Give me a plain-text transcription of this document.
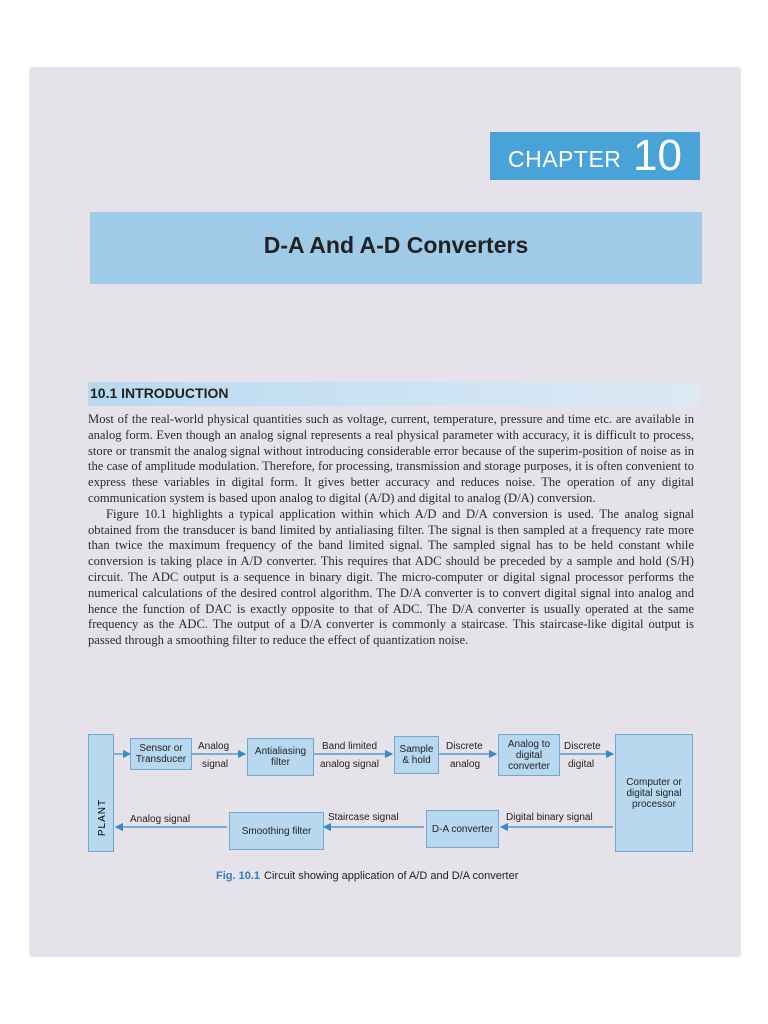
CHAPTER 10
D-A And A-D Converters
10.1 INTRODUCTION

Most of the real-world physical quantities such as voltage, current, temperature, pressure and time etc. are available in analog form. Even though an analog signal represents a real physical parameter with accuracy, it is difficult to process, store or transmit the analog signal without introducing considerable error because of the superim-position of noise as in the case of amplitude modulation. Therefore, for processing, transmission and storage purposes, it is often convenient to express these variables in digital form. It gives better accuracy and reduces noise. The operation of any digital communication system is based upon analog to digital (A/D) and digital to analog (D/A) conversion.

Figure 10.1 highlights a typical application within which A/D and D/A conversion is used. The analog signal obtained from the transducer is band limited by antialiasing filter. The signal is then sampled at a frequency rate more than twice the maximum frequency of the band limited signal. The sampled signal has to be held constant while conversion is taking place in A/D converter. This requires that ADC should be preceded by a sample and hold (S/H) circuit. The ADC output is a sequence in binary digit. The micro-computer or digital signal processor performs the numerical calculations of the desired control algorithm. The D/A converter is to convert digital signal into analog and hence the function of DAC is exactly opposite to that of ADC. The D/A converter is usually operated at the same frequency as the ADC. The output of a D/A converter is commonly a staircase. This staircase-like digital output is passed through a smoothing filter to reduce the effect of quantization noise.

PLANT
Sensor or Transducer
Antialiasing filter
Sample & hold
Analog to digital converter
Computer or digital signal processor
D-A converter
Smoothing filter
Analog
signal
Band limited
analog signal
Discrete
analog
Discrete
digital
Digital binary signal
Staircase signal
Analog signal
Fig. 10.1 Circuit showing application of A/D and D/A converter
